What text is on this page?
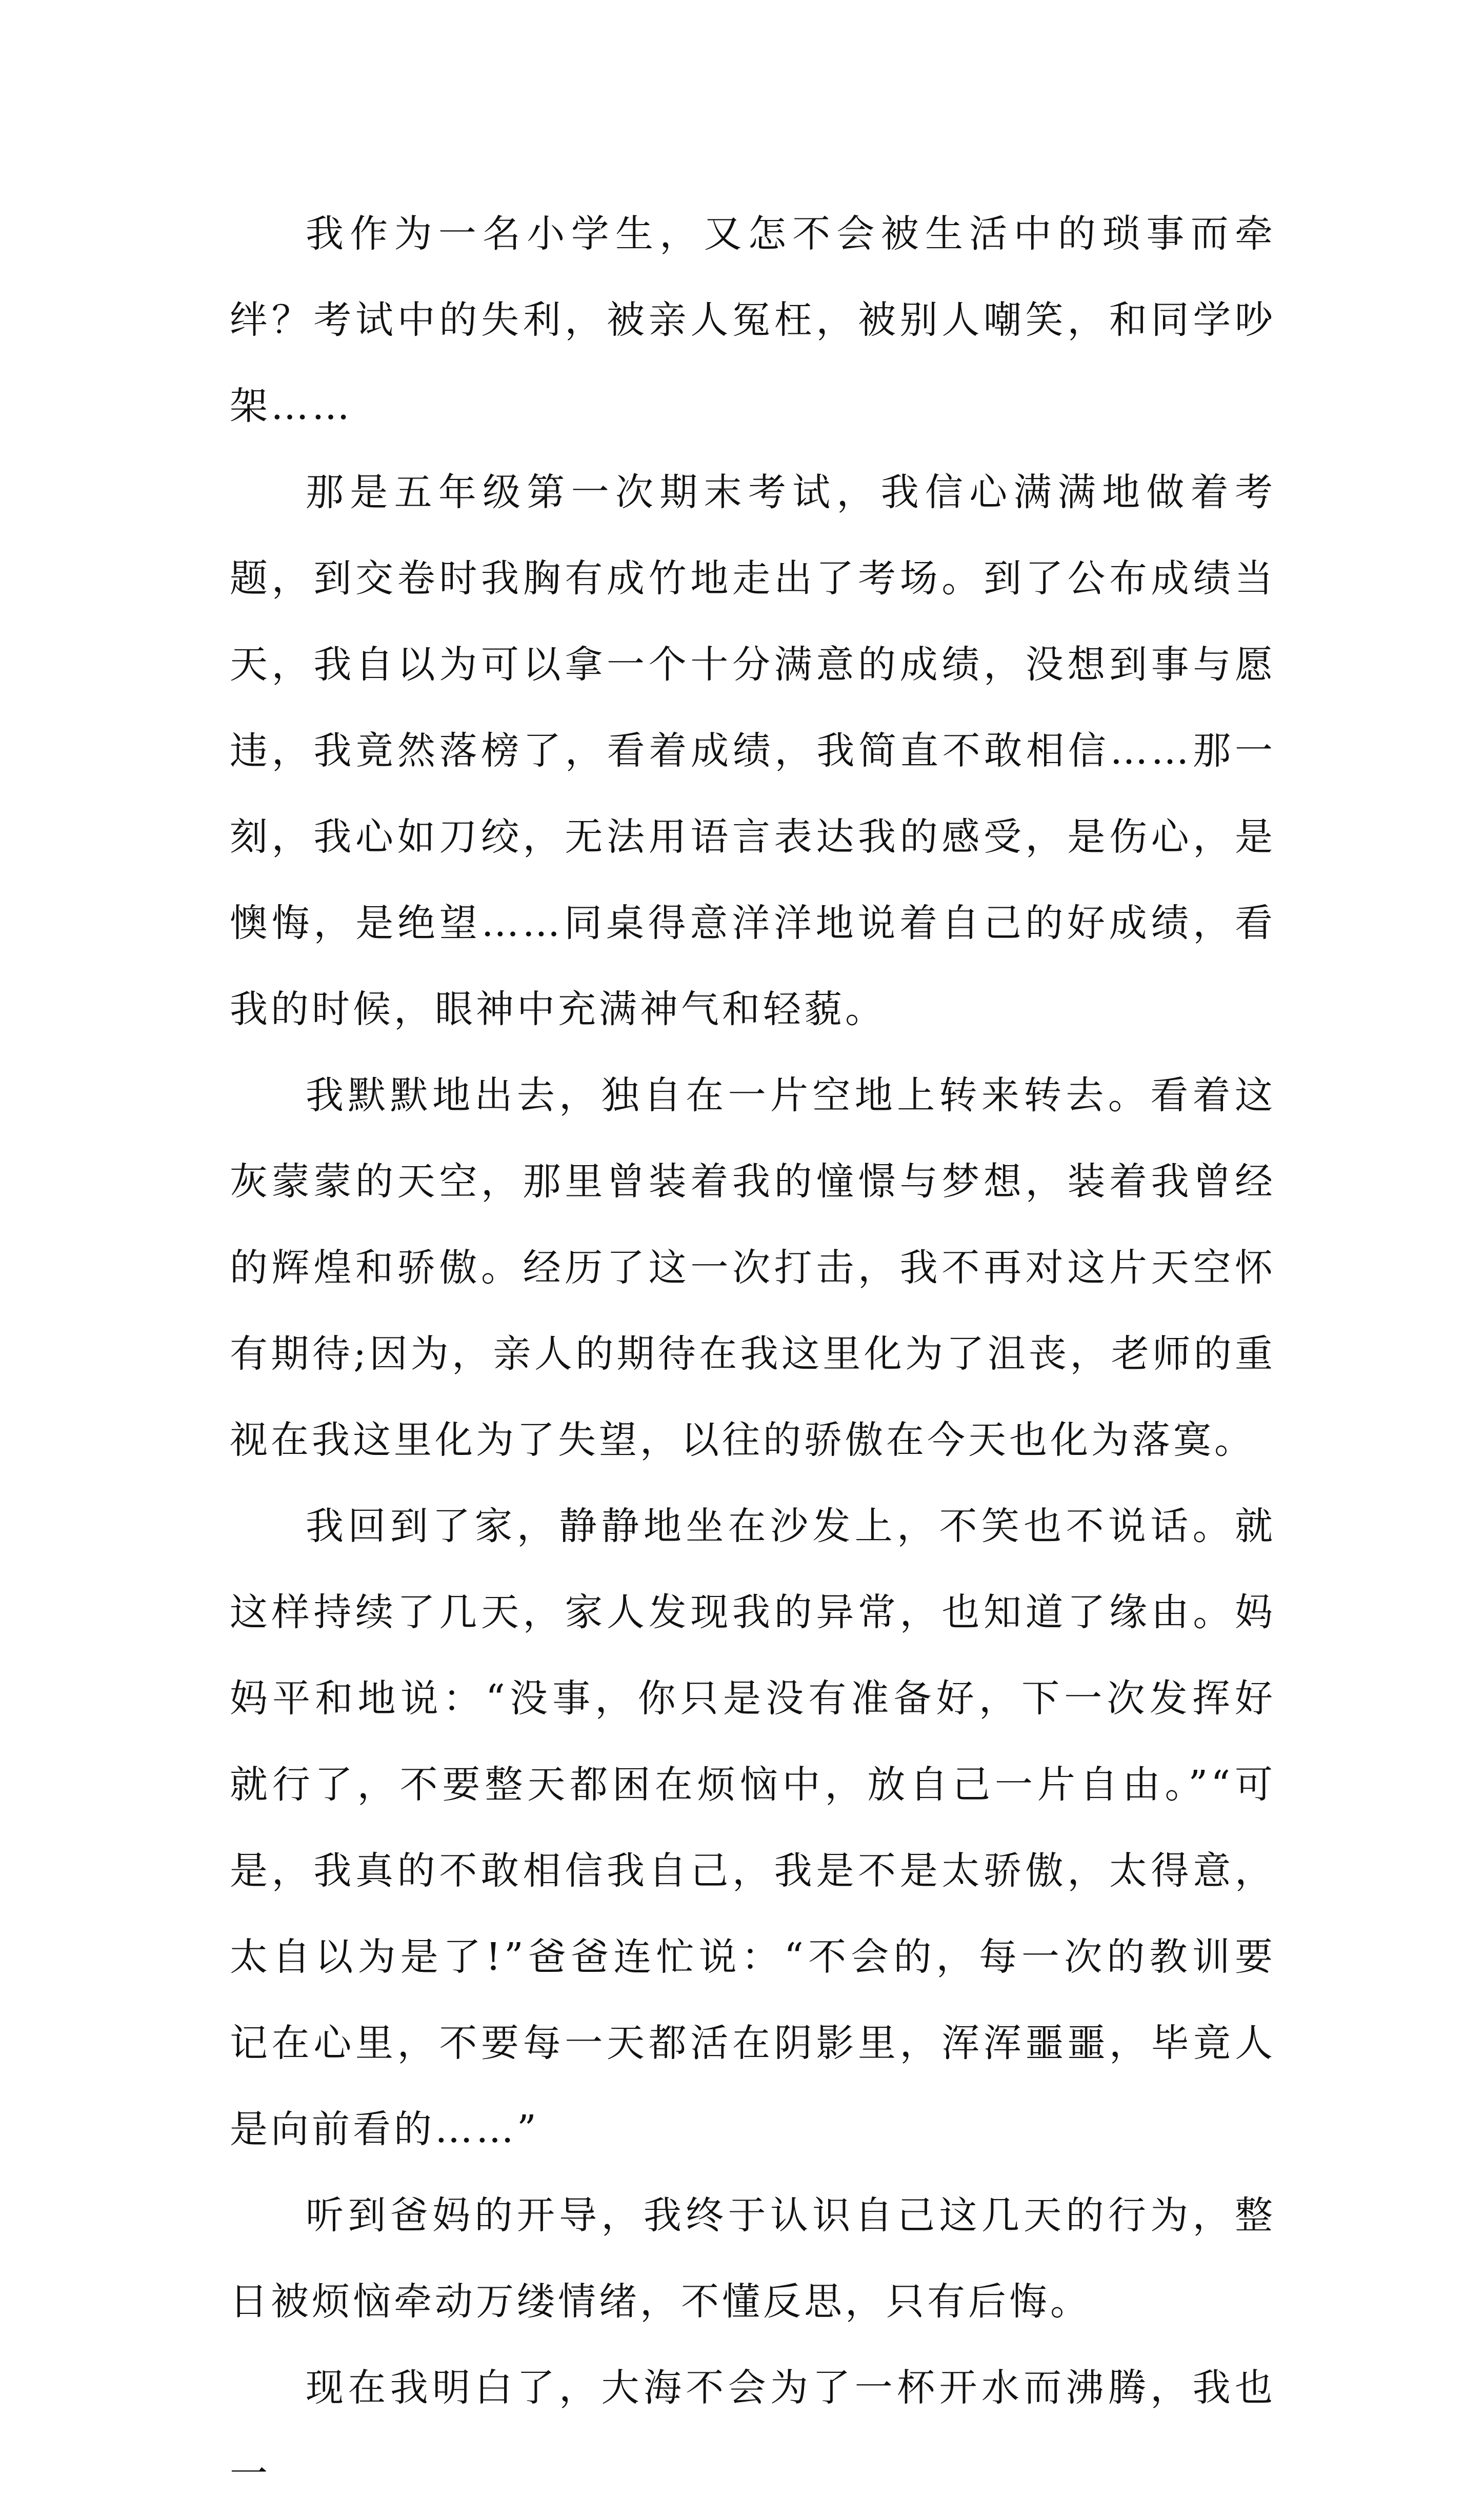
我作为一名小学生，又怎不会被生活中的琐事而牵绊？考试中的失利，被亲人冤枉，被别人嘲笑，和同学吵架……

那是五年级第一次期末考试，我信心满满地做着考题，到交卷时我胸有成竹地走出了考场。到了公布成绩当天，我自以为可以拿一个十分满意的成绩，没想到事与愿违，我竟然落榜了，看着成绩，我简直不敢相信……那一刻，我心如刀绞，无法用语言表达我的感受，是伤心，是懊悔，是绝望……同桌得意洋洋地说着自己的好成绩，看我的时候，眼神中充满神气和轻藐。

我默默地出去，独自在一片空地上转来转去。看着这灰蒙蒙的天空，那里曾装着我的憧憬与梦想，装着我曾经的辉煌和骄傲。经历了这一次打击，我不再对这片天空怀有期待;因为，亲人的期待在我这里化为了沮丧，老师的重视在我这里化为了失望，以往的骄傲在今天也化为落寞。

我回到了家，静静地坐在沙发上，不笑也不说话。就这样持续了几天，家人发现我的异常，也知道了缘由。妈妈平和地说：“没事，你只是没有准备好，下一次发挥好就行了，不要整天都困在烦恼中，放自己一片自由。”“可是，我真的不敢相信我自己，我是不是太骄傲，太得意，太自以为是了!”爸爸连忙说：“不会的，每一次的教训要记在心里，不要每一天都活在阴影里，浑浑噩噩，毕竟人是向前看的……”

听到爸妈的开导，我终于认识自己这几天的行为，整日被烦恼牵动万缕情绪，不懂反思，只有后悔。

现在我明白了，大海不会为了一杯开水而沸腾，我也一
